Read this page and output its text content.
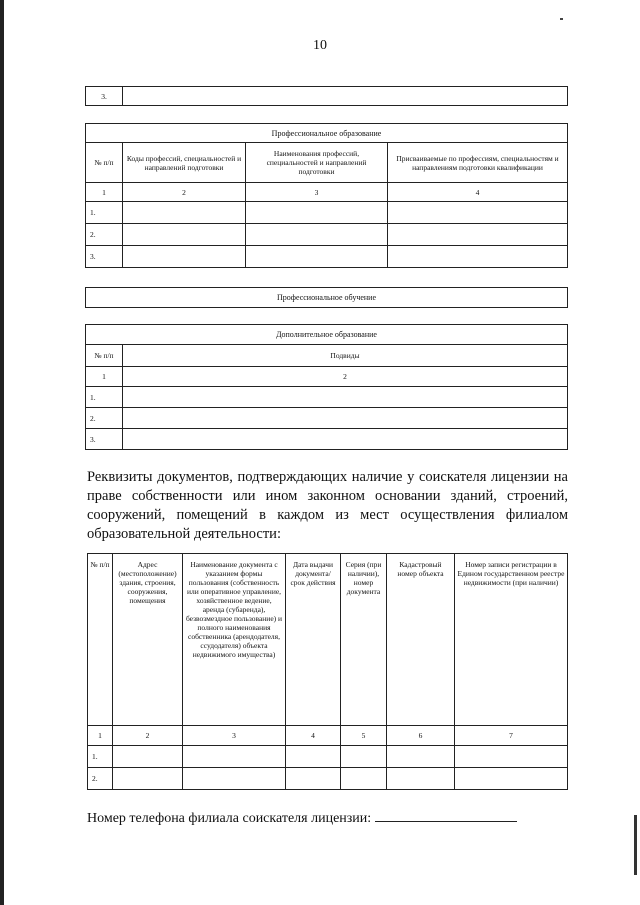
10
3.	
Профессиональное образование			
№ п/п	Коды профессий, специальностей и направлений подготовки	Наименования профессий, специальностей и направлений подготовки	Присваиваемые по профессиям, специальностям и направлениям подготовки квалификации
1	2	3	4
1.			
2.			
3.			
Профессиональное обучение
Дополнительное образование	
№ п/п	Подвиды
1	2
1.	
2.	
3.	
Реквизиты документов, подтверждающих наличие у соискателя лицензии на праве собственности или ином законном основании зданий, строений, сооружений, помещений в каждом из мест осуществления филиалом образовательной деятельности:
№ п/п	Адрес (местоположение) здания, строения, сооружения, помещения	Наименование документа с указанием формы пользования (собственность или оперативное управление, хозяйственное ведение, аренда (субаренда), безвозмездное пользование) и полного наименования собственника (арендодателя, ссудодателя) объекта недвижимого имущества)	Дата выдачи документа/ срок действия	Серия (при наличии), номер документа	Кадастровый номер объекта	Номер записи регистрации в Едином государственном реестре недвижимости (при наличии)
1	2	3	4	5	6	7
1.						
2.						
Номер телефона филиала соискателя лицензии:
